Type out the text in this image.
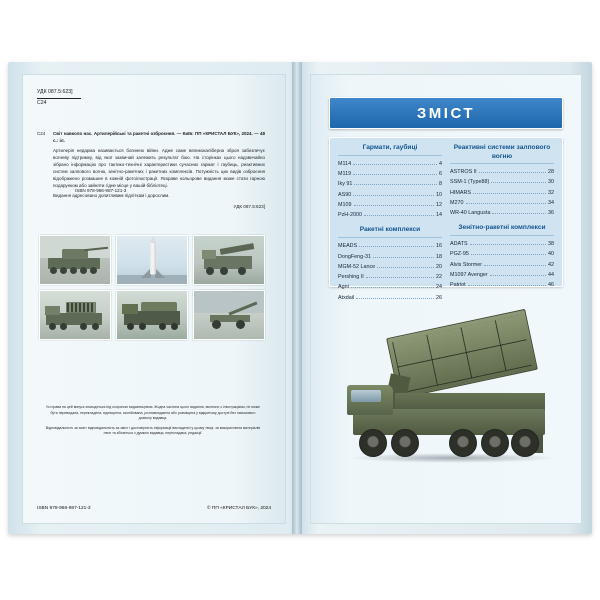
УДК 087.5:623]
С24
С24 Світ навколо нас. Артилерійські та ракетні озброєння. — Київ: ПП «КРИСТАЛ БУК», 2024. — 48 с.: іл.

Артилерія недарма називається богинею війни. Адже саме великокаліберна зброя забезпечує вогневу підтримку, від якої зазвичай залежить результат бою. На сторінках цього надзвичайно зібрано інформацію про тактико-технічні характеристики сучасних гармат і гаубиць, реактивних систем залпового вогню, зенітно-ракетних і ракетних комплексів. Потужність цих видів озброєння відображено розмашне в кожній фотоілюстрації. Яскраве кольорове видання може стати гарною подарунком або зайняти гідне місце у вашій бібліотеці.

Видання адресовано допитливим підліткам і дорослим.

УДК 087.5:623]
ISBN 978-966-987-121-3

Усі права на цей випуск знаходяться під охороною видавництвом. Жодна частина цього видання, включно з ілюстраціями, не може бути перевидана, перекладена, відтворена, скопійована, розповсюджена або розміщена у відкритому доступі без письмового дозволу видавця.

Відповідальність за зміст відповідальність за зміст і достовірність інформації викладеної у цьому творі, за використання матеріалів несе та збігається з думкою видавця, перекладача, редакції.

ISBN 978-966-987-121-3	© ПП «КРИСТАЛ БУК», 2024
ЗМІСТ
Гармати, гаубиці
M114	4
M119	6
Iky 91	8
AS90	10
M109	12
PzH-2000	14
Ракетні комплекси
MEADS	16
DongFeng-31	18
MGM-52 Lance	20
Pershing II	22
Agni	24
Atxdail	26
Реактивні системи залпового вогню
ASTROS II	28
SSM-1 (Type88)	30
HIMARS	32
M270	34
WR-40 Langusta	36
Зенітно-ракетні комплекси
ADATS	38
PGZ-95	40
Alvis Stormer	42
M1097 Avenger	44
Patriot	46
